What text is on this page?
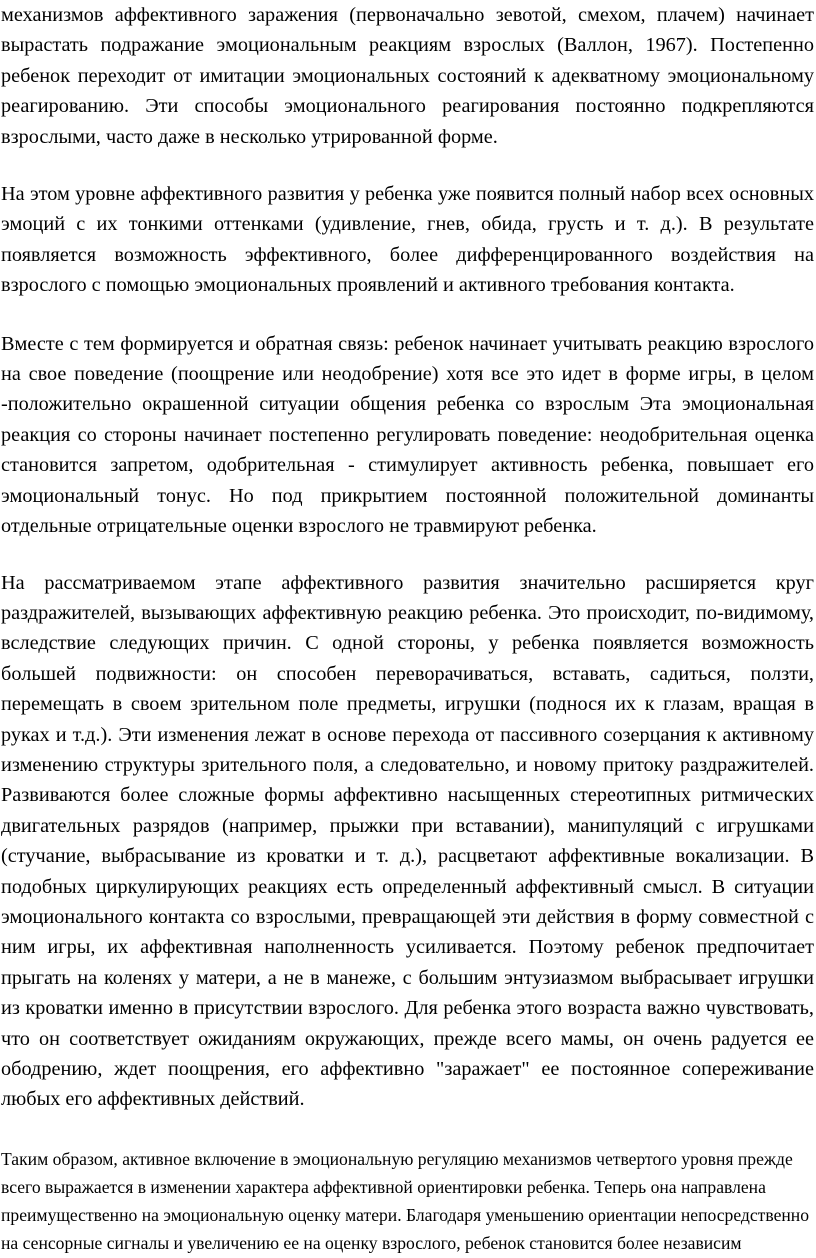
механизмов аффективного заражения (первоначально зевотой, смехом, плачем) начинает вырастать подражание эмоциональным реакциям взрослых (Валлон, 1967). Постепенно ребенок переходит от имитации эмоциональных состояний к адекватному эмоциональному реагированию. Эти способы эмоционального реагирования постоянно подкрепляются взрослыми, часто даже в несколько утрированной форме.

На этом уровне аффективного развития у ребенка уже появится полный набор всех основных эмоций с их тонкими оттенками (удивление, гнев, обида, грусть и т. д.). В результате появляется возможность эффективного, более дифференцированного воздействия на взрослого с помощью эмоциональных проявлений и активного требования контакта.

Вместе с тем формируется и обратная связь: ребенок начинает учитывать реакцию взрослого на свое поведение (поощрение или неодобрение) хотя все это идет в форме игры, в целом -положительно окрашенной ситуации общения ребенка со взрослым Эта эмоциональная реакция со стороны начинает постепенно регулировать поведение: неодобрительная оценка становится запретом, одобрительная - стимулирует активность ребенка, повышает его эмоциональный тонус. Но под прикрытием постоянной положительной доминанты отдельные отрицательные оценки взрослого не травмируют ребенка.

На рассматриваемом этапе аффективного развития значительно расширяется круг раздражителей, вызывающих аффективную реакцию ребенка. Это происходит, по-видимому, вследствие следующих причин. С одной стороны, у ребенка появляется возможность большей подвижности: он способен переворачиваться, вставать, садиться, ползти, перемещать в своем зрительном поле предметы, игрушки (поднося их к глазам, вращая в руках и т.д.). Эти изменения лежат в основе перехода от пассивного созерцания к активному изменению структуры зрительного поля, а следовательно, и новому притоку раздражителей. Развиваются более сложные формы аффективно насыщенных стереотипных ритмических двигательных разрядов (например, прыжки при вставании), манипуляций с игрушками (стучание, выбрасывание из кроватки и т. д.), расцветают аффективные вокализации. В подобных циркулирующих реакциях есть определенный аффективный смысл. В ситуации эмоционального контакта со взрослыми, превращающей эти действия в форму совместной с ним игры, их аффективная наполненность усиливается. Поэтому ребенок предпочитает прыгать на коленях у матери, а не в манеже, с большим энтузиазмом выбрасывает игрушки из кроватки именно в присутствии взрослого. Для ребенка этого возраста важно чувствовать, что он соответствует ожиданиям окружающих, прежде всего мамы, он очень радуется ее ободрению, ждет поощрения, его аффективно "заражает" ее постоянное сопереживание любых его аффективных действий.

Таким образом, активное включение в эмоциональную регуляцию механизмов четвертого уровня прежде всего выражается в изменении характера аффективной ориентировки ребенка. Теперь она направлена преимущественно на эмоциональную оценку матери. Благодаря уменьшению ориентации непосредственно на сенсорные сигналы и увеличению ее на оценку взрослого, ребенок становится более независим
